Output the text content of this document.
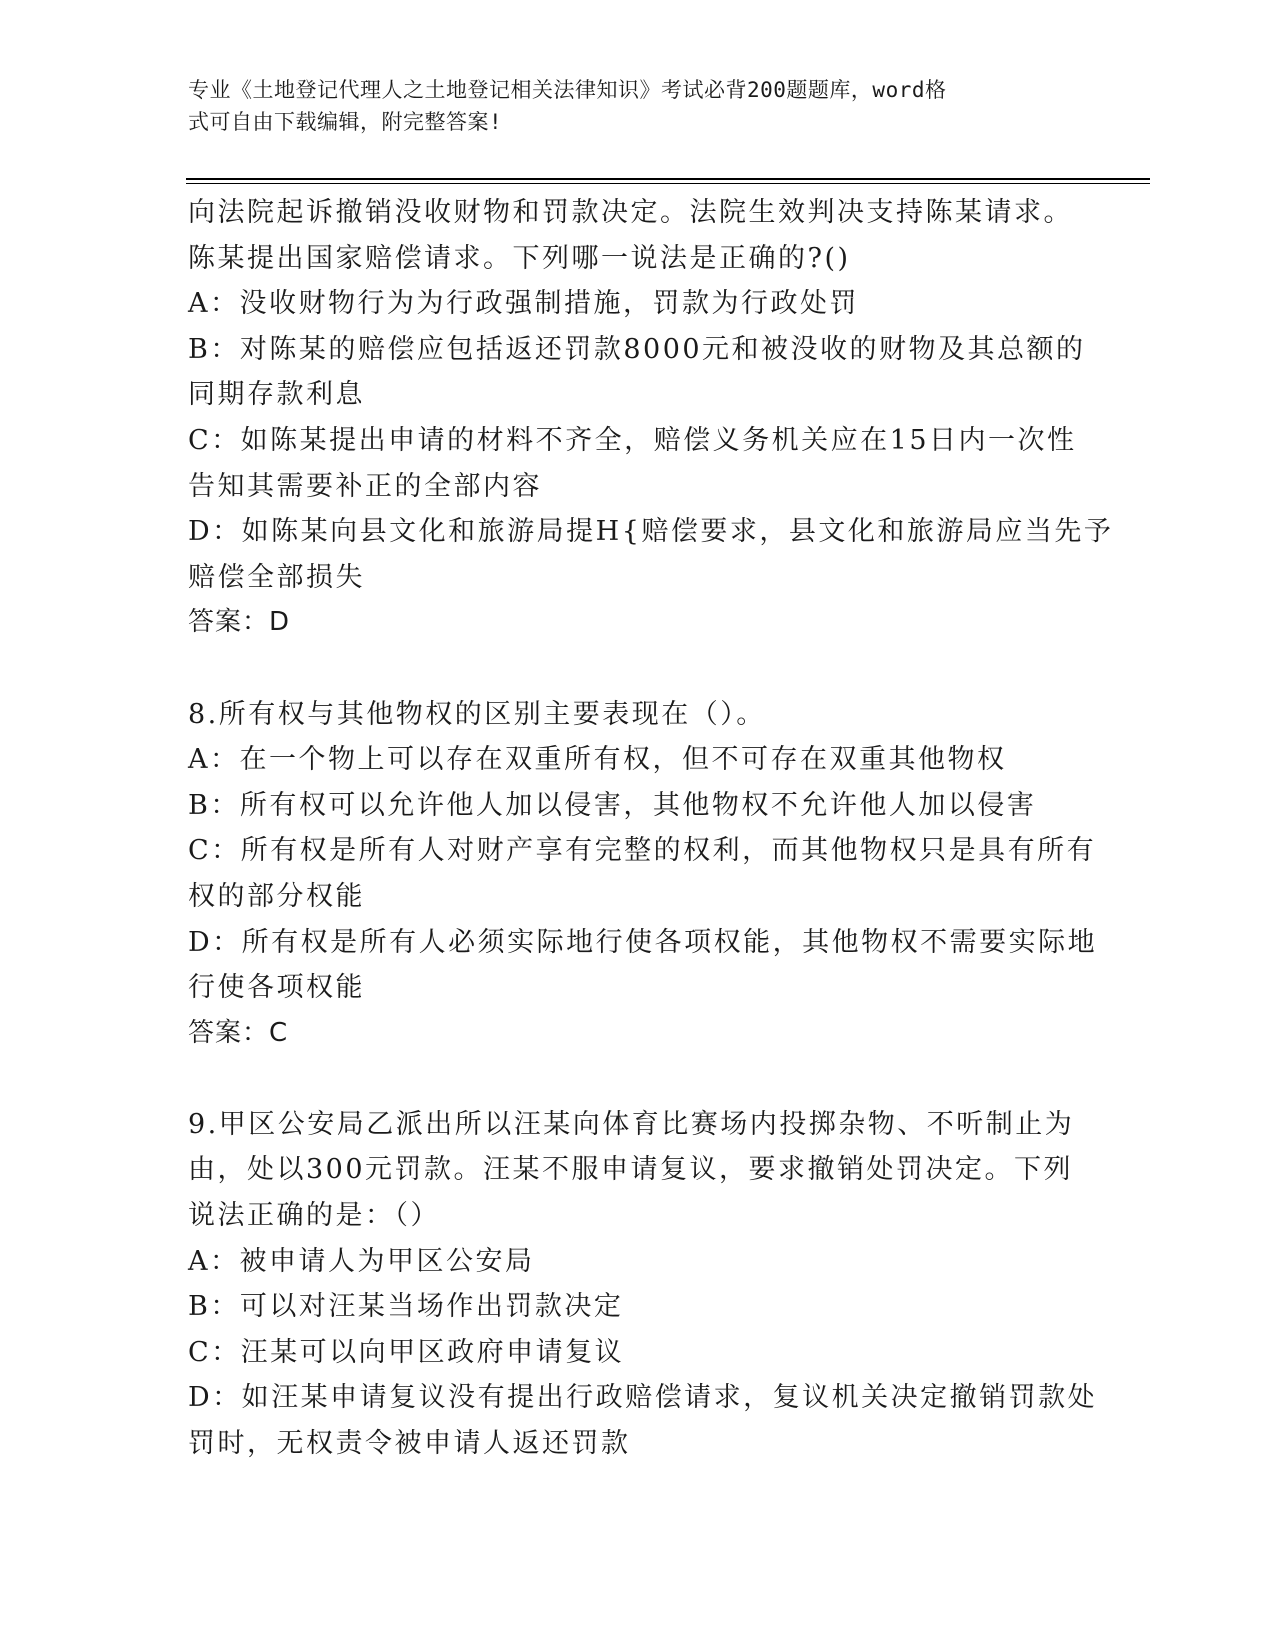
专业《土地登记代理人之土地登记相关法律知识》考试必背200题题库，word格
式可自由下载编辑，附完整答案!
向法院起诉撤销没收财物和罚款决定。法院生效判决支持陈某请求。
陈某提出国家赔偿请求。下列哪一说法是正确的?()
A：没收财物行为为行政强制措施，罚款为行政处罚
B：对陈某的赔偿应包括返还罚款8000元和被没收的财物及其总额的
同期存款利息
C：如陈某提出申请的材料不齐全，赔偿义务机关应在15日内一次性
告知其需要补正的全部内容
D：如陈某向县文化和旅游局提H{赔偿要求，县文化和旅游局应当先予
赔偿全部损失
答案：D
8.所有权与其他物权的区别主要表现在（）。
A：在一个物上可以存在双重所有权，但不可存在双重其他物权
B：所有权可以允许他人加以侵害，其他物权不允许他人加以侵害
C：所有权是所有人对财产享有完整的权利，而其他物权只是具有所有
权的部分权能
D：所有权是所有人必须实际地行使各项权能，其他物权不需要实际地
行使各项权能
答案：C
9.甲区公安局乙派出所以汪某向体育比赛场内投掷杂物、不听制止为
由，处以300元罚款。汪某不服申请复议，要求撤销处罚决定。下列
说法正确的是：（）
A：被申请人为甲区公安局
B：可以对汪某当场作出罚款决定
C：汪某可以向甲区政府申请复议
D：如汪某申请复议没有提出行政赔偿请求，复议机关决定撤销罚款处
罚时，无权责令被申请人返还罚款
